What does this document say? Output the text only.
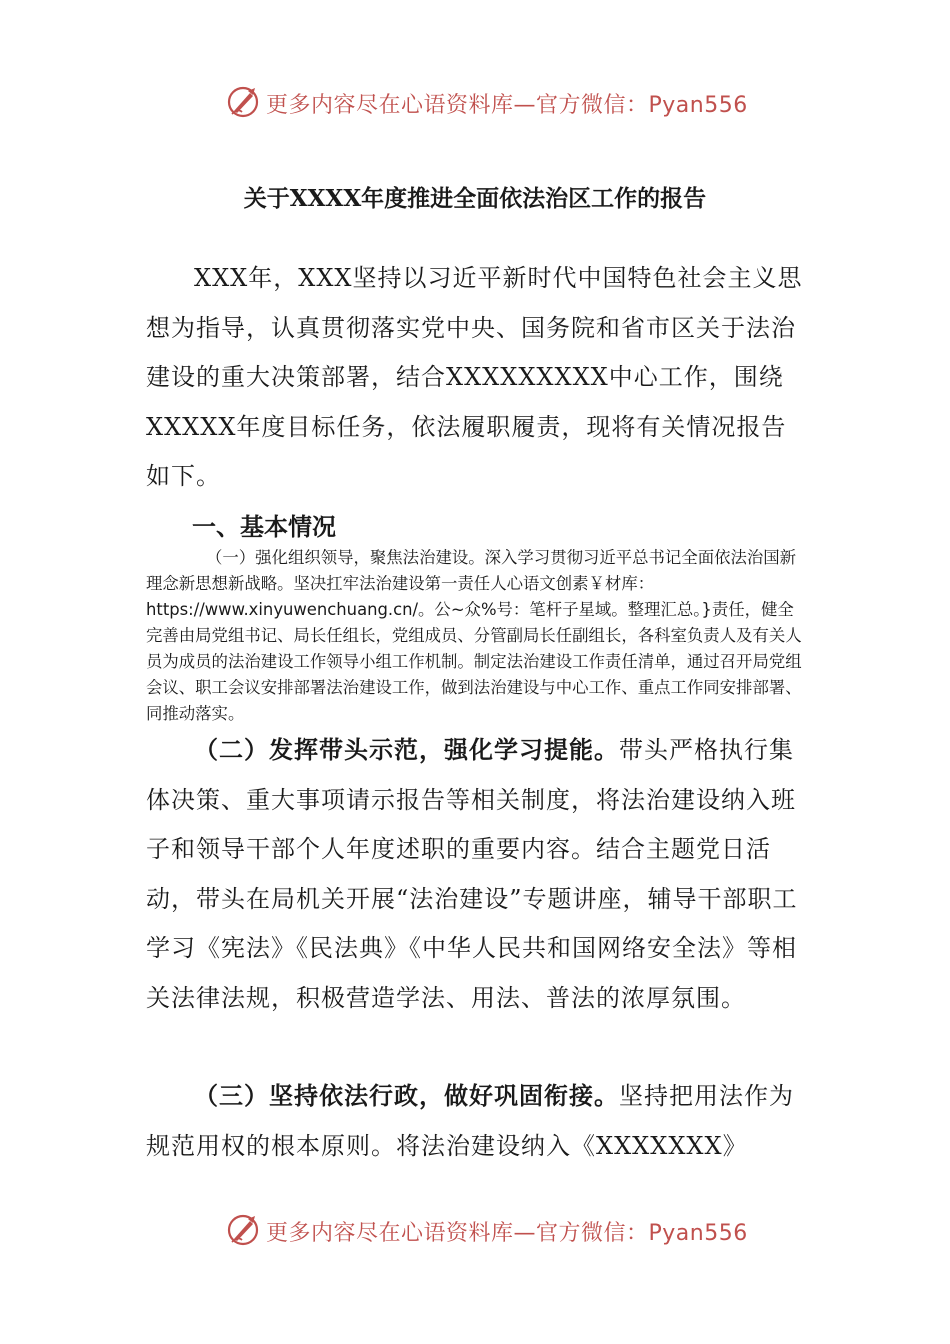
更多内容尽在心语资料库—官方微信：Pyan556
关于XXXX年度推进全面依法治区工作的报告
XXX年，XXX坚持以习近平新时代中国特色社会主义思想为指导，认真贯彻落实党中央、国务院和省市区关于法治建设的重大决策部署，结合XXXXXXXXX中心工作，围绕XXXXX年度目标任务，依法履职履责，现将有关情况报告如下。
一、基本情况
（一）强化组织领导，聚焦法治建设。深入学习贯彻习近平总书记全面依法治国新理念新思想新战略。坚决扛牢法治建设第一责任人心语文创素￥材库：https://www.xinyuwenchuang.cn/。公~众%号：笔杆子星域。整理汇总。}责任，健全完善由局党组书记、局长任组长，党组成员、分管副局长任副组长，各科室负责人及有关人员为成员的法治建设工作领导小组工作机制。制定法治建设工作责任清单，通过召开局党组会议、职工会议安排部署法治建设工作，做到法治建设与中心工作、重点工作同安排部署、同推动落实。
（二）发挥带头示范，强化学习提能。带头严格执行集体决策、重大事项请示报告等相关制度，将法治建设纳入班子和领导干部个人年度述职的重要内容。结合主题党日活动，带头在局机关开展“法治建设”专题讲座，辅导干部职工学习《宪法》《民法典》《中华人民共和国网络安全法》等相关法律法规，积极营造学法、用法、普法的浓厚氛围。
（三）坚持依法行政，做好巩固衔接。坚持把用法作为规范用权的根本原则。将法治建设纳入《XXXXXXX》
更多内容尽在心语资料库—官方微信：Pyan556
